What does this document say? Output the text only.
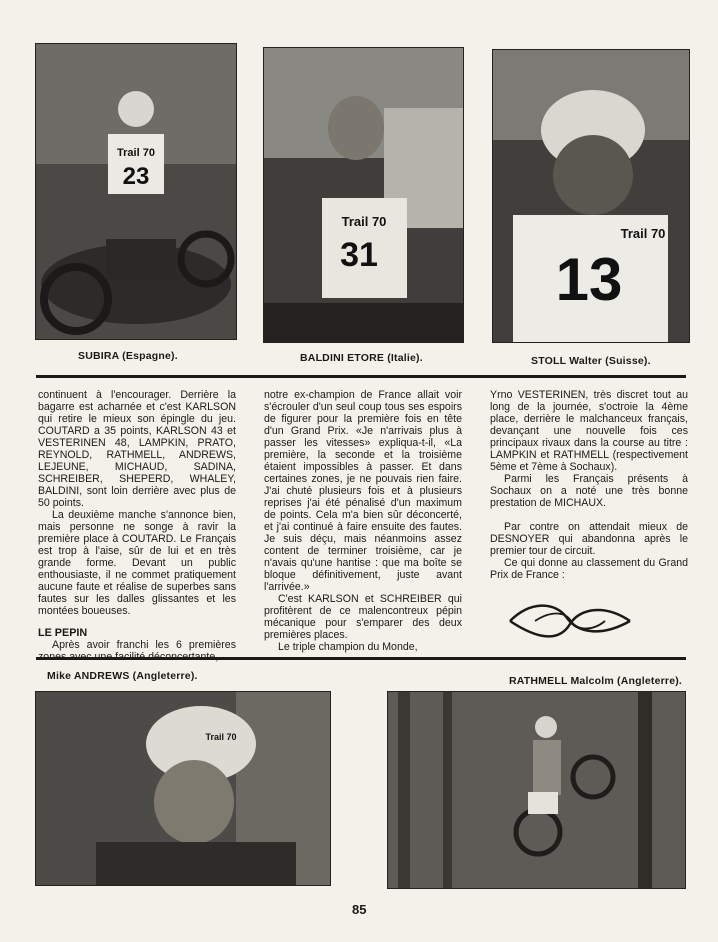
Trail 70
23
SUBIRA (Espagne).
Trail 70
31
BALDINI ETORE (Italie).
Trail 70
13
STOLL Walter (Suisse).

continuent à l'encourager. Derrière la bagarre est acharnée et c'est KARLSON qui retire le mieux son épingle du jeu. COUTARD a 35 points, KARLSON 43 et VESTERINEN 48, LAMPKIN, PRATO, REYNOLD, RATHMELL, ANDREWS, LEJEUNE, MICHAUD, SADINA, SCHREIBER, SHEPERD, WHALEY, BALDINI, sont loin derrière avec plus de 50 points.

La deuxième manche s'annonce bien, mais personne ne songe à ravir la première place à COUTARD. Le Français est trop à l'aise, sûr de lui et en très grande forme. Devant un public enthousiaste, il ne commet pratiquement aucune faute et réalise de superbes sans fautes sur les dalles glissantes et les montées boueuses.

LE PEPIN

Après avoir franchi les 6 premières

notre ex-champion de France allait voir s'écrouler d'un seul coup tous ses espoirs de figurer pour la première fois en tête d'un Grand Prix. «Je n'arrivais plus à passer les vitesses» expliqua-t-il, «La première, la seconde et la troisième étaient impossibles à passer. Et dans certaines zones, je ne pouvais rien faire. J'ai chuté plusieurs fois et à plusieurs reprises j'ai été pénalisé d'un maximum de points. Cela m'a bien sûr déconcerté, et j'ai continué à faire ensuite des fautes. Je suis déçu, mais néanmoins assez content de terminer troisième, car je n'avais qu'une hantise : que ma boîte se bloque définitivement, juste avant l'arrivée.»

C'est KARLSON et SCHREIBER qui profitèrent de ce malencontreux pépin mécanique pour s'emparer des deux premières places.

Le triple champion du Monde,

Yrno VESTERINEN, très discret tout au long de la journée, s'octroie la 4ème place, derrière le malchanceux français, devançant une nouvelle fois ces principaux rivaux dans la course au titre : LAMPKIN et RATHMELL (respectivement 5ème et 7ème à Sochaux).

Parmi les Français présents à Sochaux on a noté une très bonne prestation de MICHAUX.

Par contre on attendait mieux de DESNOYER qui abandonna après le premier tour de circuit.

Ce qui donne au classement du Grand Prix de France :

Mike ANDREWS (Angleterre).
Trail 70
RATHMELL Malcolm (Angleterre).
85
